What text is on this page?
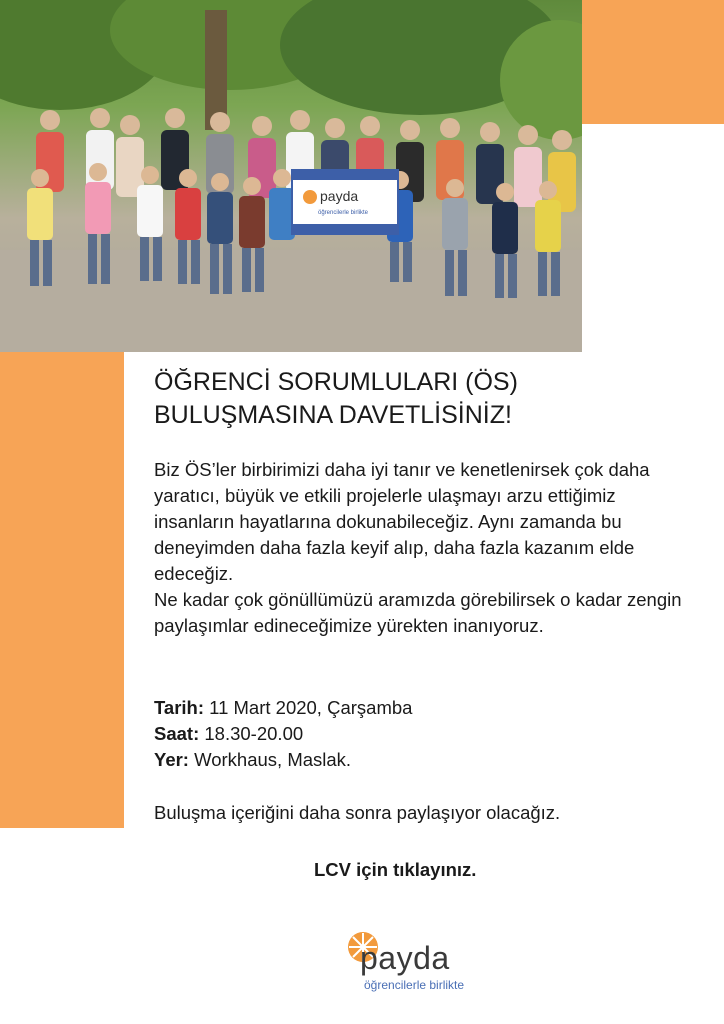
payda
öğrencilerle birlikte
ÖĞRENCİ SORUMLULARI (ÖS)
BULUŞMASINA DAVETLİSİNİZ!

Biz ÖS’ler birbirimizi daha iyi tanır ve kenetlenirsek çok daha yaratıcı, büyük ve etkili projelerle ulaşmayı arzu ettiğimiz insanların hayatlarına dokunabileceğiz. Aynı zamanda bu deneyimden daha fazla keyif alıp, daha fazla kazanım elde edeceğiz.

Ne kadar çok gönüllümüzü aramızda görebilirsek o kadar zengin paylaşımlar edineceğimize yürekten inanıyoruz.

Tarih: 11 Mart 2020, Çarşamba
Saat: 18.30-20.00
Yer: Workhaus, Maslak.
Buluşma içeriğini daha sonra paylaşıyor olacağız.
LCV için tıklayınız.
payda
öğrencilerle birlikte
